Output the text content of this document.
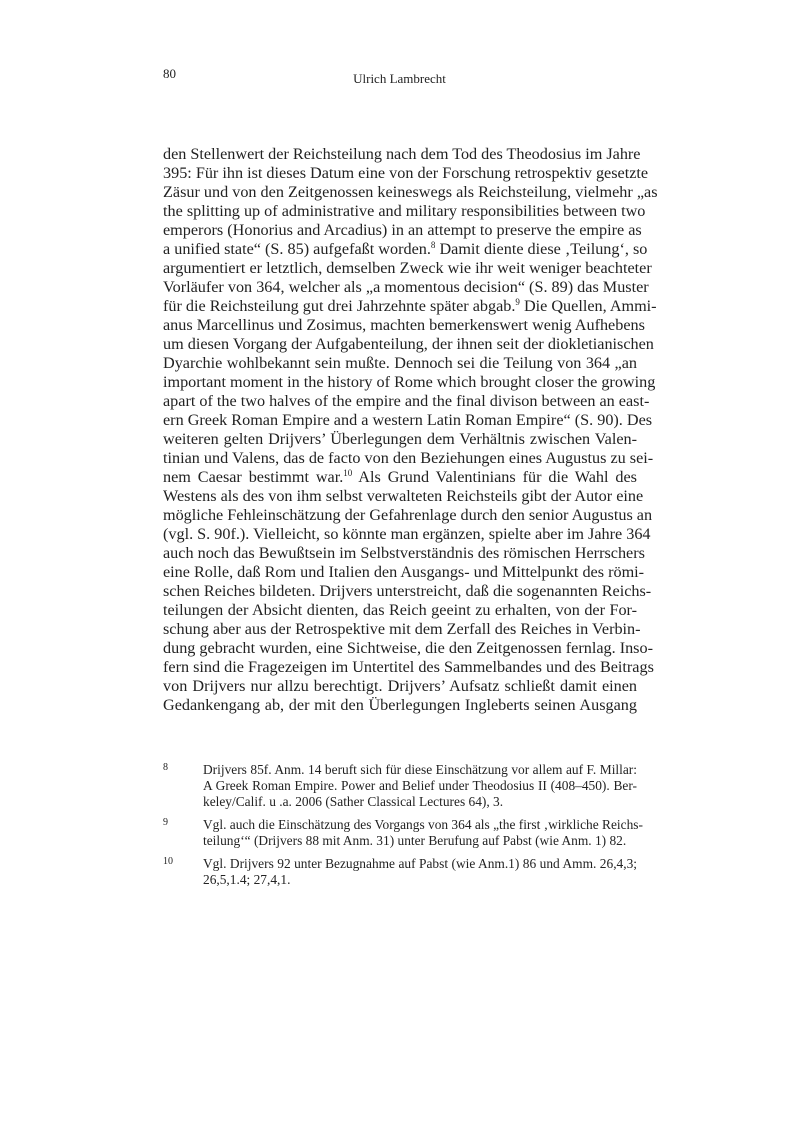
80	Ulrich Lambrecht
den Stellenwert der Reichsteilung nach dem Tod des Theodosius im Jahre
395: Für ihn ist dieses Datum eine von der Forschung retrospektiv gesetzte
Zäsur und von den Zeitgenossen keineswegs als Reichsteilung, vielmehr „as
the splitting up of administrative and military responsibilities between two
emperors (Honorius and Arcadius) in an attempt to preserve the empire as
a unified state“ (S. 85) aufgefaßt worden.$^8$ Damit diente diese ‚Teilung‘, so
argumentiert er letztlich, demselben Zweck wie ihr weit weniger beachteter
Vorläufer von 364, welcher als „a momentous decision“ (S. 89) das Muster
für die Reichsteilung gut drei Jahrzehnte später abgab.$^9$ Die Quellen, Ammi-
anus Marcellinus und Zosimus, machten bemerkenswert wenig Aufhebens
um diesen Vorgang der Aufgabenteilung, der ihnen seit der diokletianischen
Dyarchie wohlbekannt sein mußte. Dennoch sei die Teilung von 364 „an
important moment in the history of Rome which brought closer the growing
apart of the two halves of the empire and the final divison between an east-
ern Greek Roman Empire and a western Latin Roman Empire“ (S. 90). Des
weiteren gelten Drijvers’ Überlegungen dem Verhältnis zwischen Valen-
tinian und Valens, das de facto von den Beziehungen eines Augustus zu sei-
nem Caesar bestimmt war.$^{10}$ Als Grund Valentinians für die Wahl des
Westens als des von ihm selbst verwalteten Reichsteils gibt der Autor eine
mögliche Fehleinschätzung der Gefahrenlage durch den senior Augustus an
(vgl. S. 90f.). Vielleicht, so könnte man ergänzen, spielte aber im Jahre 364
auch noch das Bewußtsein im Selbstverständnis des römischen Herrschers
eine Rolle, daß Rom und Italien den Ausgangs- und Mittelpunkt des römi-
schen Reiches bildeten. Drijvers unterstreicht, daß die sogenannten Reichs-
teilungen der Absicht dienten, das Reich geeint zu erhalten, von der For-
schung aber aus der Retrospektive mit dem Zerfall des Reiches in Verbin-
dung gebracht wurden, eine Sichtweise, die den Zeitgenossen fernlag. Inso-
fern sind die Fragezeigen im Untertitel des Sammelbandes und des Beitrags
von Drijvers nur allzu berechtigt. Drijvers’ Aufsatz schließt damit einen
Gedankengang ab, der mit den Überlegungen Ingleberts seinen Ausgang
8	Drijvers 85f. Anm. 14 beruft sich für diese Einschätzung vor allem auf F. Millar:
A Greek Roman Empire. Power and Belief under Theodosius II (408–450). Ber-
keley/Calif. u .a. 2006 (Sather Classical Lectures 64), 3.
9	Vgl. auch die Einschätzung des Vorgangs von 364 als „the first ‚wirkliche Reichs-
teilung‘“ (Drijvers 88 mit Anm. 31) unter Berufung auf Pabst (wie Anm. 1) 82.
10 Vgl. Drijvers 92 unter Bezugnahme auf Pabst (wie Anm.1) 86 und Amm. 26,4,3;
26,5,1.4; 27,4,1.
